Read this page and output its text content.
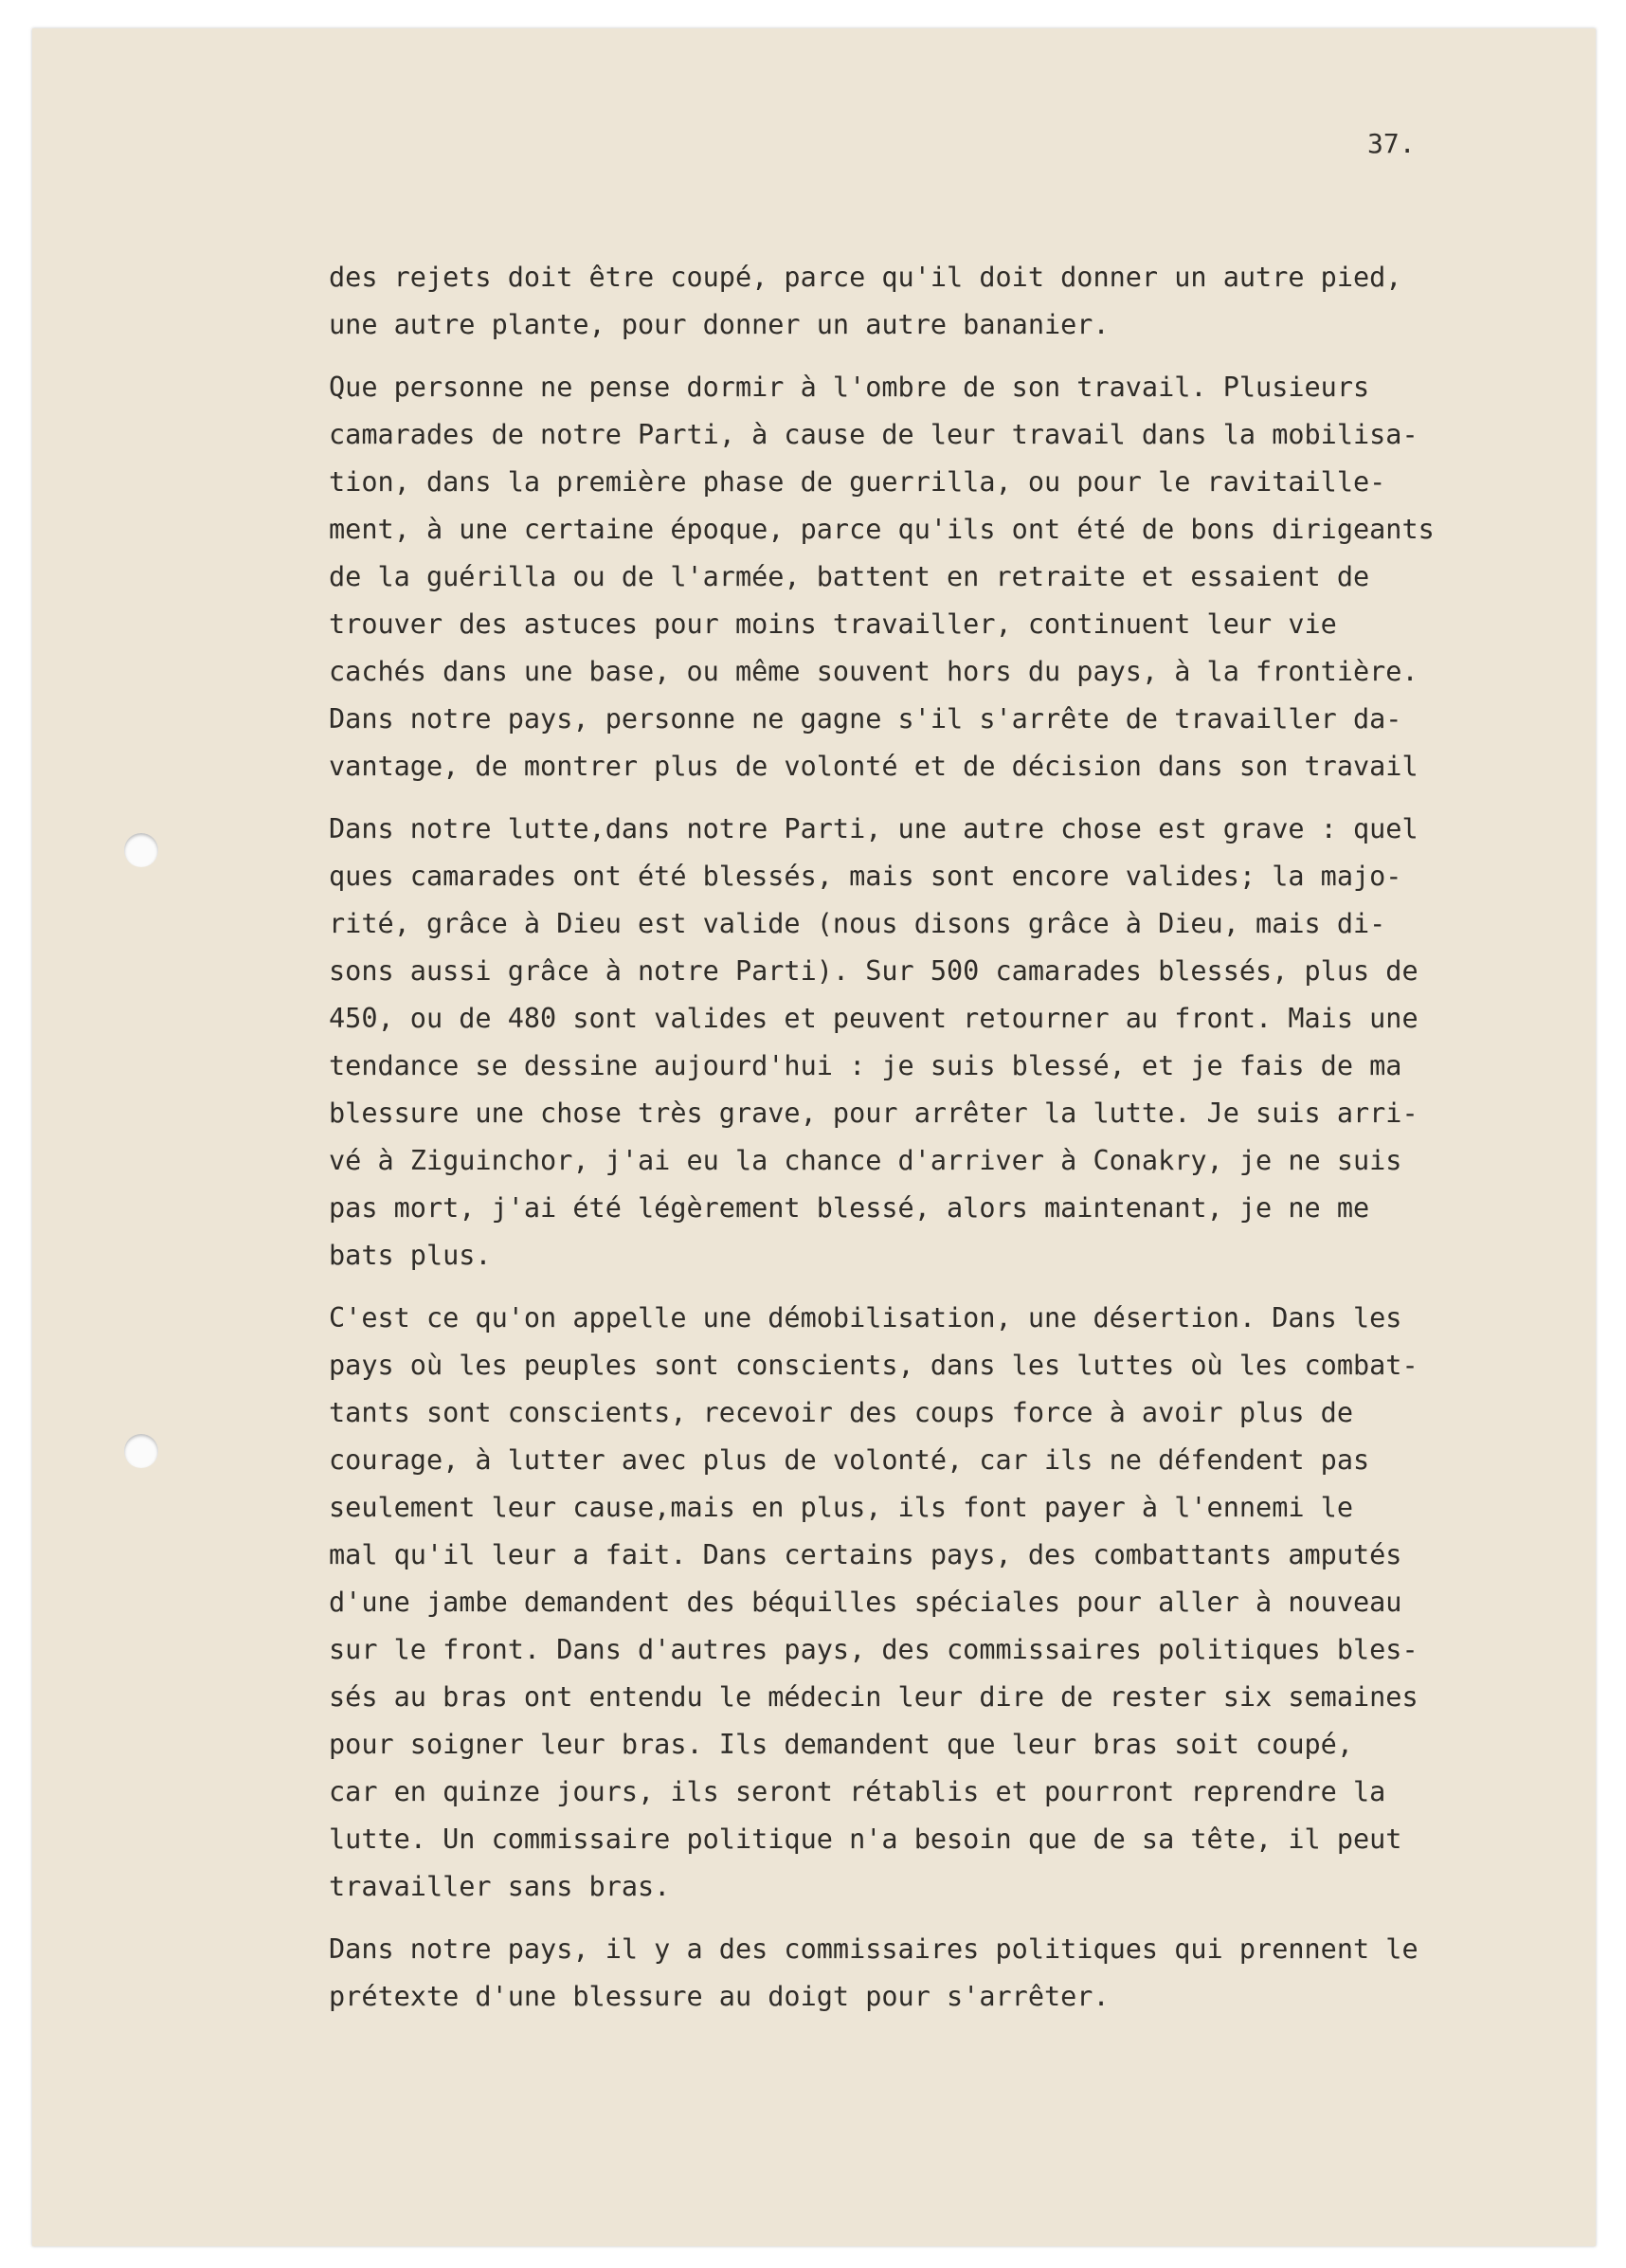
37.

des rejets doit être coupé, parce qu'il doit donner un autre pied,
une autre plante, pour donner un autre bananier.

Que personne ne pense dormir à l'ombre de son travail. Plusieurs
camarades de notre Parti, à cause de leur travail dans la mobilisa-
tion, dans la première phase de guerrilla, ou pour le ravitaille-
ment, à une certaine époque, parce qu'ils ont été de bons dirigeants
de la guérilla ou de l'armée, battent en retraite et essaient de
trouver des astuces pour moins travailler, continuent leur vie
cachés dans une base, ou même souvent hors du pays, à la frontière.
Dans notre pays, personne ne gagne s'il s'arrête de travailler da-
vantage, de montrer plus de volonté et de décision dans son travail

Dans notre lutte,dans notre Parti, une autre chose est grave : quel
ques camarades ont été blessés, mais sont encore valides; la majo-
rité, grâce à Dieu est valide (nous disons grâce à Dieu, mais di-
sons aussi grâce à notre Parti). Sur 500 camarades blessés, plus de
450, ou de 480 sont valides et peuvent retourner au front. Mais une
tendance se dessine aujourd'hui : je suis blessé, et je fais de ma
blessure une chose très grave, pour arrêter la lutte. Je suis arri-
vé à Ziguinchor, j'ai eu la chance d'arriver à Conakry, je ne suis
pas mort, j'ai été légèrement blessé, alors maintenant, je ne me
bats plus.

C'est ce qu'on appelle une démobilisation, une désertion. Dans les
pays où les peuples sont conscients, dans les luttes où les combat-
tants sont conscients, recevoir des coups force à avoir plus de
courage, à lutter avec plus de volonté, car ils ne défendent pas
seulement leur cause,mais en plus, ils font payer à l'ennemi le
mal qu'il leur a fait. Dans certains pays, des combattants amputés
d'une jambe demandent des béquilles spéciales pour aller à nouveau
sur le front. Dans d'autres pays, des commissaires politiques bles-
sés au bras ont entendu le médecin leur dire de rester six semaines
pour soigner leur bras. Ils demandent que leur bras soit coupé,
car en quinze jours, ils seront rétablis et pourront reprendre la
lutte. Un commissaire politique n'a besoin que de sa tête, il peut
travailler sans bras.

Dans notre pays, il y a des commissaires politiques qui prennent le
prétexte d'une blessure au doigt pour s'arrêter.
